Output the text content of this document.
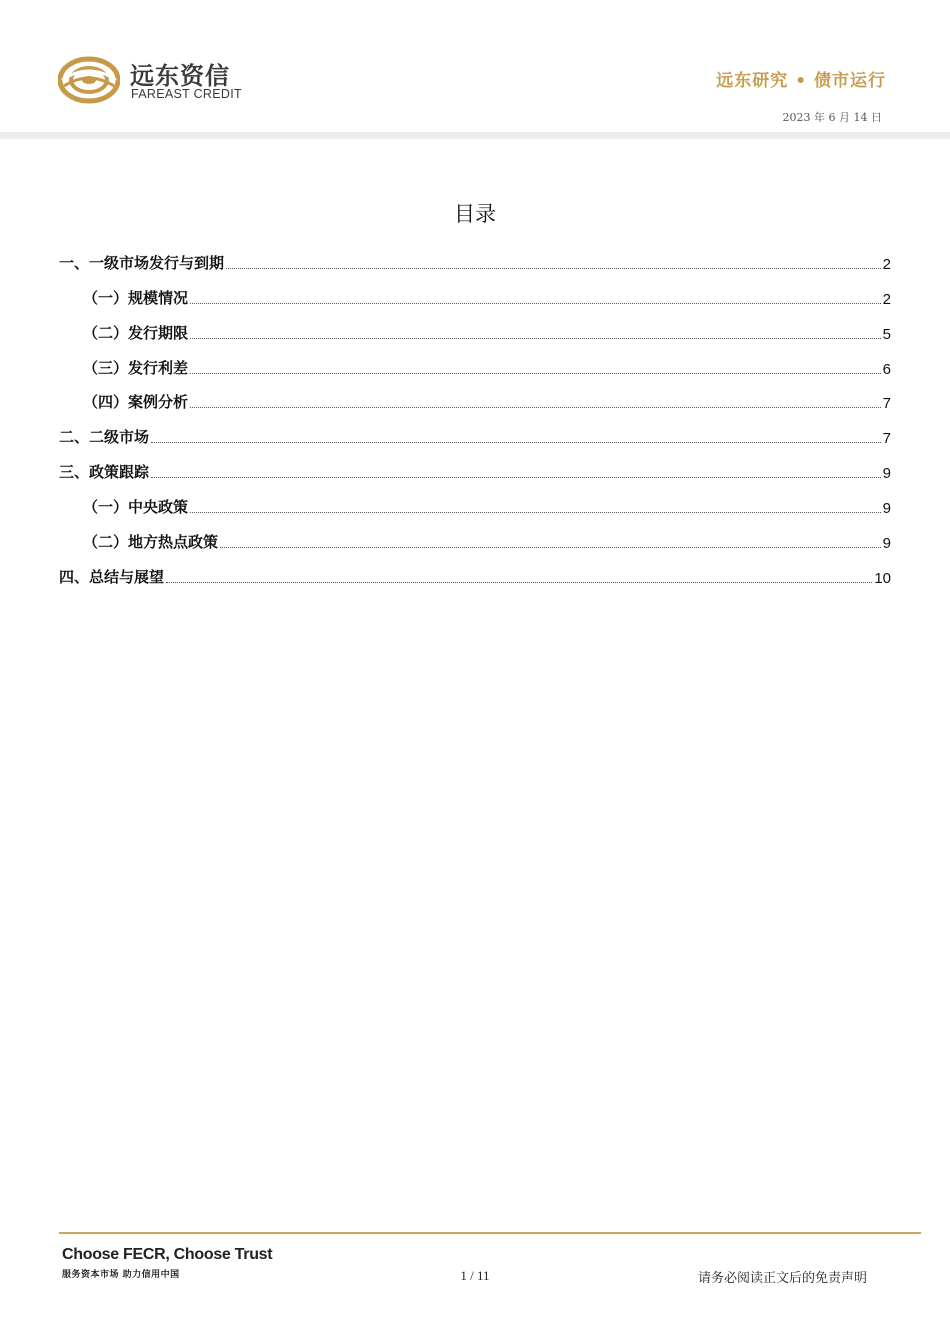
远东资信
FAREAST CREDIT
远东研究 • 债市运行
2023 年 6 月 14 日
目录
一、一级市场发行与到期	2
（一）规模情况	2
（二）发行期限	5
（三）发行利差	6
（四）案例分析	7
二、二级市场	7
三、政策跟踪	9
（一）中央政策	9
（二）地方热点政策	9
四、总结与展望	10
Choose FECR, Choose Trust
服务资本市场 助力信用中国	1 / 11	请务必阅读正文后的免责声明
